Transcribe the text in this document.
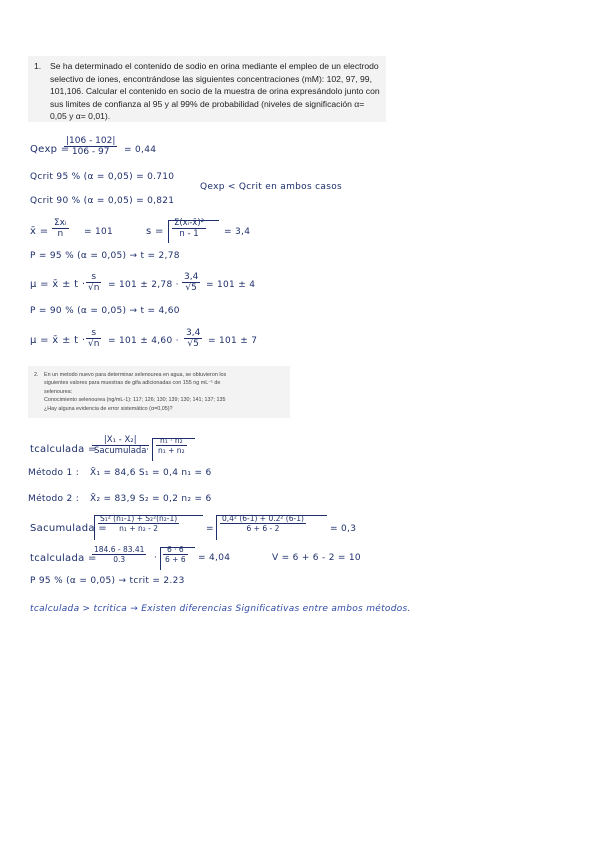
1. Se ha determinado el contenido de sodio en orina mediante el empleo de un electrodo selectivo de iones, encontrándose las siguientes concentraciones (mM): 102, 97, 99, 101,106. Calcular el contenido en socio de la muestra de orina expresándolo junto con sus limites de confianza al 95 y al 99% de probabilidad (niveles de significación α= 0,05 y α= 0,01).

Qexp =
$\frac{|106 - 102|}{106 - 97} = 0,44$
Qcrit 95 % (α = 0,05) = 0.710
Qexp < Qcrit en ambos casos
Qcrit 90 % (α = 0,05) = 0,821
x̄ =
Σxᵢ
n	= 101	$s = \frac{\text{Σ(xᵢ-x̄)²}}{n - 1} = 3,4$
P = 95 % (α = 0,05) → t = 2,78
μ = x̄ ± $t \cdot \frac{s}{√n} = 101 \pm 2,78 \cdot \frac{3,4}{√5} = 101 \pm 4$
P = 90 % (α = 0,05) → t = 4,60
μ = x̄ ± $t \cdot \frac{s}{√n} = 101 \pm 4,60 \cdot \frac{3,4}{√5} = 101 \pm 7$
2. En un metodo nuevo para determinar selenourea en agua, se obtuvieron los

siguientes valores para muestras de gifa adicionadas con 155 ng mL⁻¹ de

selenourea:

Conocimiento selenourea (ng/mL-1): 117; 126; 130; 139; 130; 141; 137; 135

¿Hay alguna evidencia de error sistemático (α=0,05)?

tcalculada =
|X₁ - X₂|
Sacumulada · $\frac{\text{n₁ · n₂}}{\text{n₁ + n₂}}$
Método 1 : X̄₁ = 84,6 S₁ = 0,4 n₁ = 6
Método 2 : X̄₂ = 83,9 S₂ = 0,2 n₂ = 6
Sacumulada =
$\frac{\text{S₁² (n₁-1) + S₂²(n₂-1)}}{\text{n₁ + n₂ - 2}}$	= $\frac{\text{0,4² (6-1) + 0.2² (6-1)}}{6 + 6 - 2}$	= 0,3
tcalculada =
$\frac{184.6 - 83.41}{0.3} \cdot \frac{6 \cdot 6}{6 + 6} = 4,04$	V = 6 + 6 - 2 = 10
P 95 % (α = 0,05) → tcrit = 2.23
tcalculada > tcritica → Existen diferencias Significativas entre ambos métodos.
